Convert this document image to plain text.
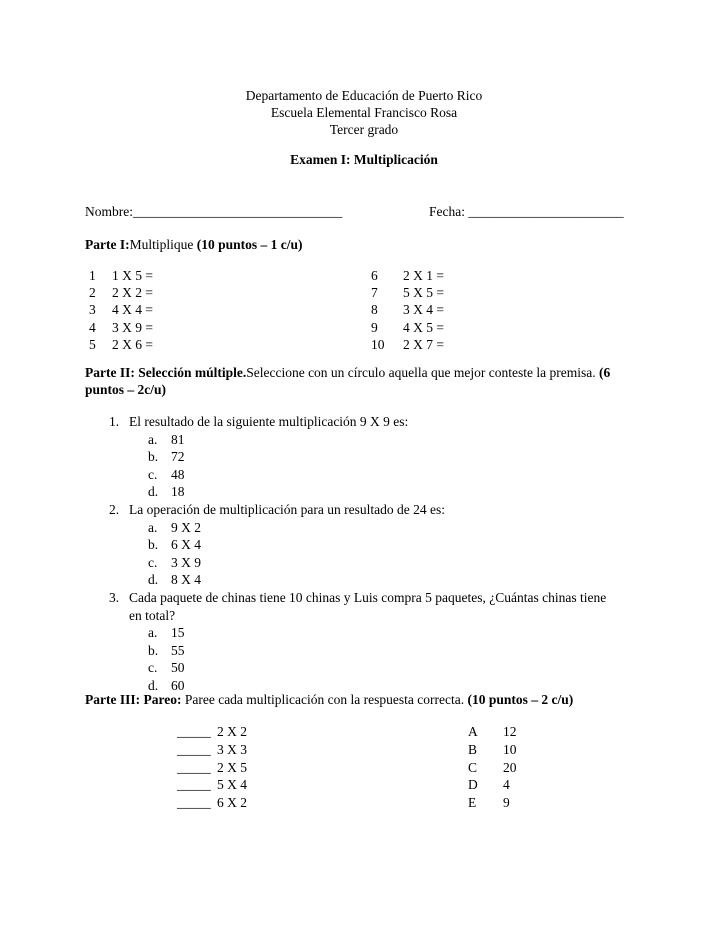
Departamento de Educación de Puerto Rico
Escuela Elemental Francisco Rosa
Tercer grado
Examen I: Multiplicación
Nombre:_______________________________	Fecha: _______________________
Parte I:Multiplique (10 puntos – 1 c/u)
1 1 X 5 =
2 2 X 2 =
3 4 X 4 =
4 3 X 9 =
5 2 X 6 =
6 2 X 1 =
7 5 X 5 =
8 3 X 4 =
9 4 X 5 =
10 2 X 7 =
Parte II: Selección múltiple.Seleccione con un círculo aquella que mejor conteste la premisa. (6
puntos – 2c/u)
1. El resultado de la siguiente multiplicación 9 X 9 es:
a. 81
b. 72
c. 48
d. 18
2. La operación de multiplicación para un resultado de 24 es:
a. 9 X 2
b. 6 X 4
c. 3 X 9
d. 8 X 4
3. Cada paquete de chinas tiene 10 chinas y Luis compra 5 paquetes, ¿Cuántas chinas tiene
en total?
a. 15
b. 55
c. 50
d. 60
Parte III: Pareo: Paree cada multiplicación con la respuesta correcta. (10 puntos – 2 c/u)
_____ 2 X 2
_____ 3 X 3
_____ 2 X 5
_____ 5 X 4
_____ 6 X 2
A 12
B 10
C 20
D 4
E 9
